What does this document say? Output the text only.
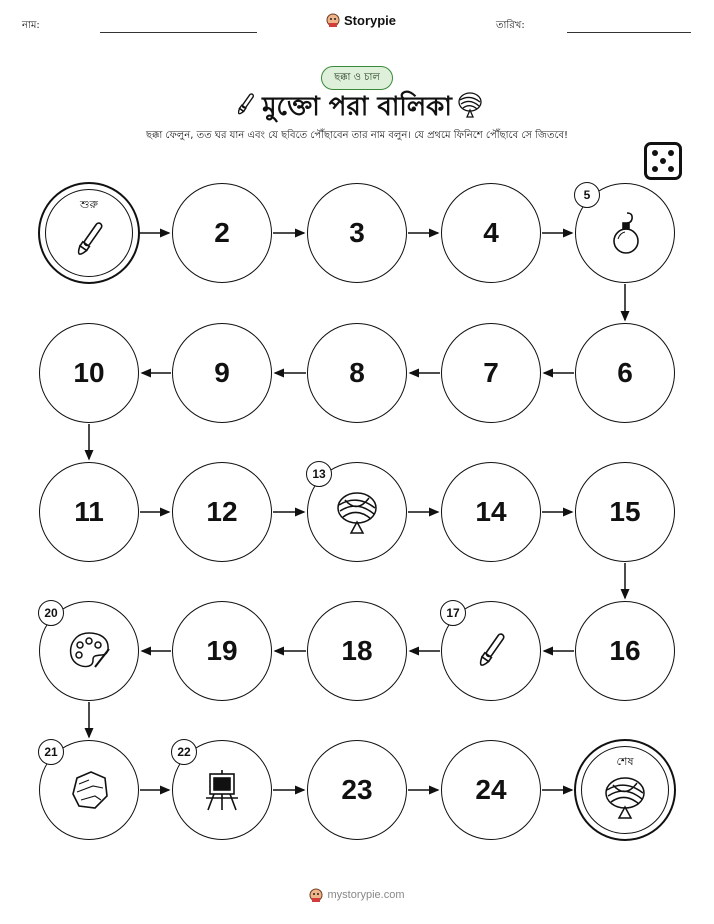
নাম:	Storypie	তারিখ:
ছক্কা ও চাল
মুক্তো পরা বালিকা
ছক্কা ফেলুন, তত ঘর যান এবং যে ছবিতে পৌঁছাবেন তার নাম বলুন। যে প্রথমে ফিনিশে পৌঁছাবে সে জিতবে!
শুরু
2	3	4
5
6
7
8
9
10
11	12
13
14	15
16
17
18
19
20
21	22
23	24
শেষ
mystorypie.com
